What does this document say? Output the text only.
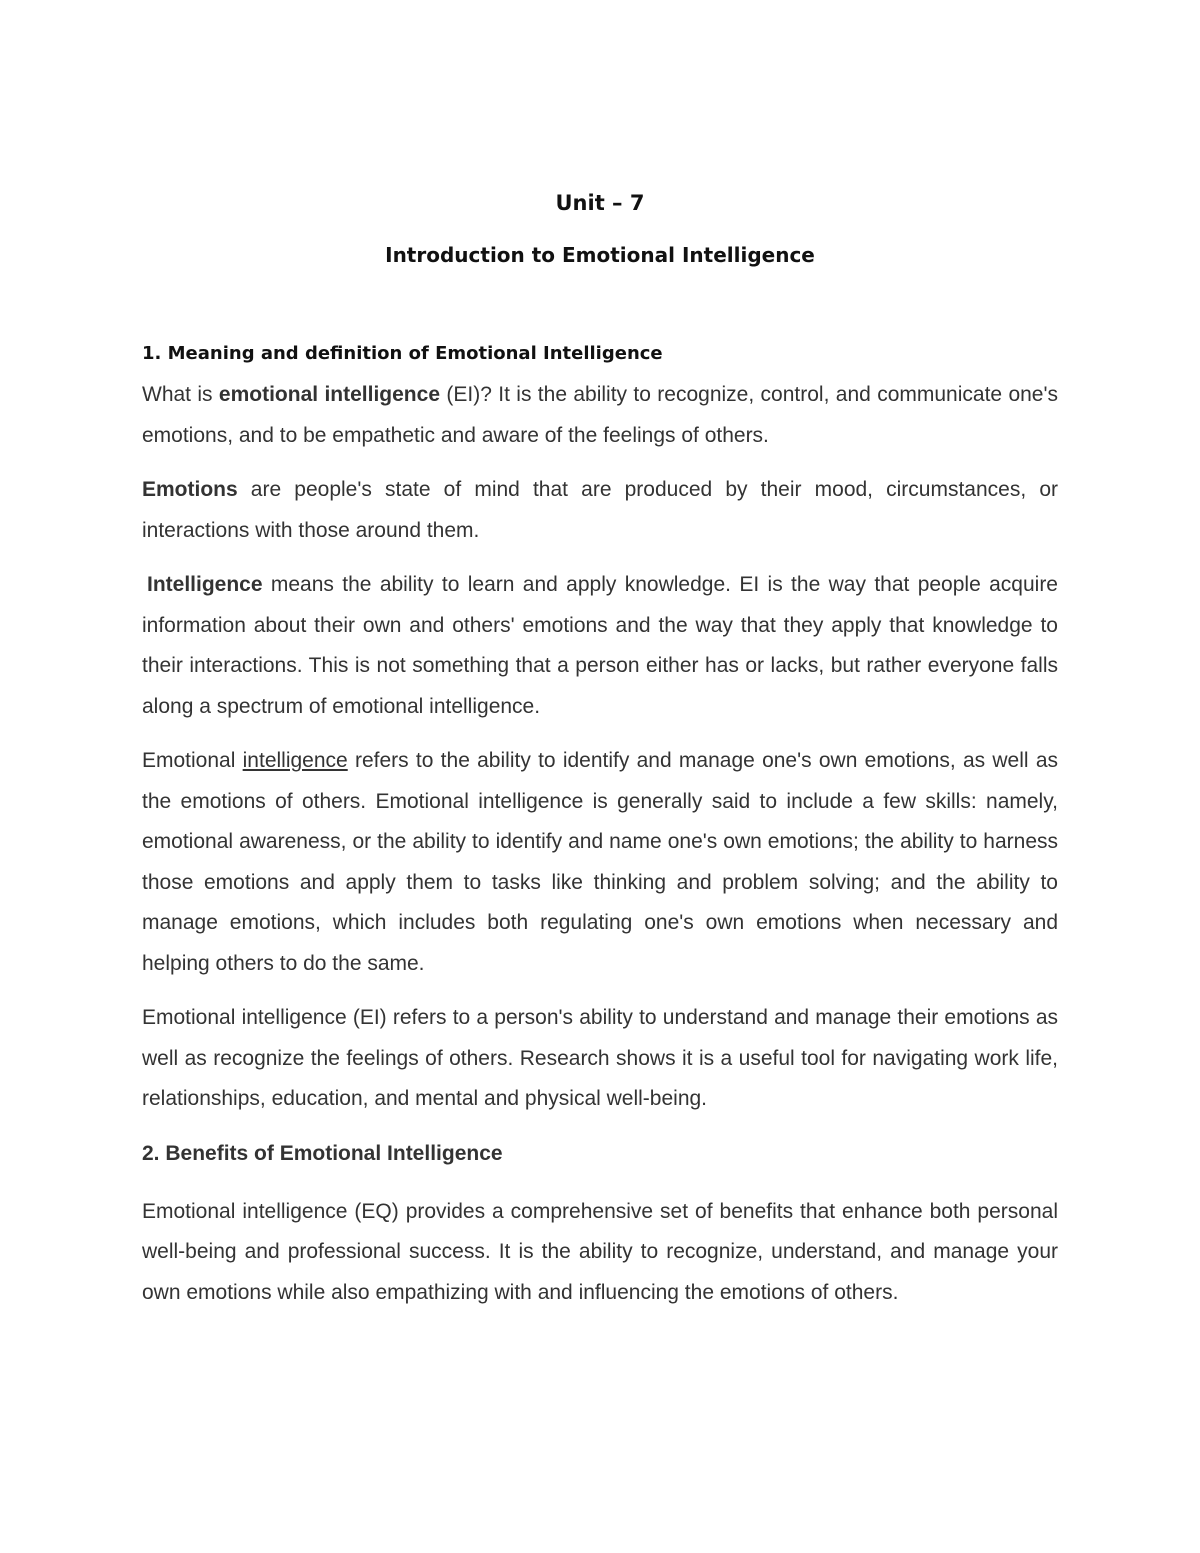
Unit – 7
Introduction to Emotional Intelligence
1. Meaning and definition of Emotional Intelligence

What is emotional intelligence (EI)? It is the ability to recognize, control, and communicate one's emotions, and to be empathetic and aware of the feelings of others.

Emotions are people's state of mind that are produced by their mood, circumstances, or interactions with those around them.

Intelligence means the ability to learn and apply knowledge. EI is the way that people acquire information about their own and others' emotions and the way that they apply that knowledge to their interactions. This is not something that a person either has or lacks, but rather everyone falls along a spectrum of emotional intelligence.

Emotional intelligence refers to the ability to identify and manage one's own emotions, as well as the emotions of others. Emotional intelligence is generally said to include a few skills: namely, emotional awareness, or the ability to identify and name one's own emotions; the ability to harness those emotions and apply them to tasks like thinking and problem solving; and the ability to manage emotions, which includes both regulating one's own emotions when necessary and helping others to do the same.

Emotional intelligence (EI) refers to a person's ability to understand and manage their emotions as well as recognize the feelings of others. Research shows it is a useful tool for navigating work life, relationships, education, and mental and physical well-being.

2. Benefits of Emotional Intelligence

Emotional intelligence (EQ) provides a comprehensive set of benefits that enhance both personal well-being and professional success. It is the ability to recognize, understand, and manage your own emotions while also empathizing with and influencing the emotions of others.
